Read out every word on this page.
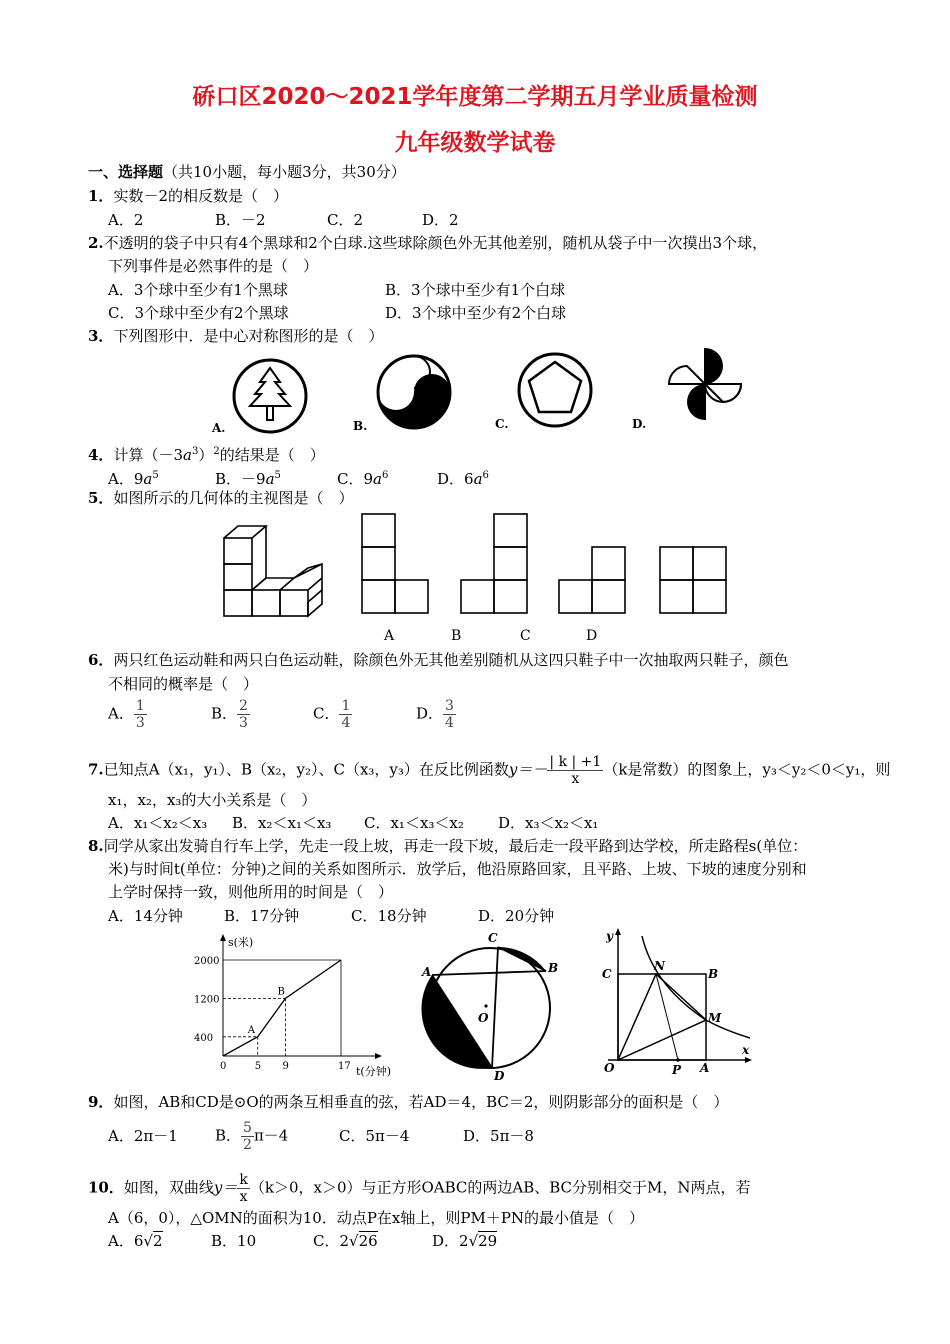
硚口区2020～2021学年度第二学期五月学业质量检测
九年级数学试卷
一、选择题（共10小题，每小题3分，共30分）
1．实数－2的相反数是（　）
A．2	B．－2	C．2	D．2
2.不透明的袋子中只有4个黑球和2个白球.这些球除颜色外无其他差别，随机从袋子中一次摸出3个球，
下列事件是必然事件的是（　）
A．3个球中至少有1个黑球	B．3个球中至少有1个白球
C．3个球中至少有2个黑球	D．3个球中至少有2个白球
3．下列图形中．是中心对称图形的是（　）
A.	B.	C.	D.
4．计算$(-3a^3)^2$的结果是（　）
A．$9a^5$	B．$-9a^5$	C．$9a^6$	D．$6a^6$
5．如图所示的几何体的主视图是（　）
A	B	C	D
6．两只红色运动鞋和两只白色运动鞋，除颜色外无其他差别随机从这四只鞋子中一次抽取两只鞋子，颜色
不相同的概率是（　）
A． $\frac{1}{3}$	B． $\frac{2}{3}$	C． $\frac{1}{4}$	D． $\frac{3}{4}$
7.已知点A（x₁，y₁）、B（x₂，y₂）、C（x₃，y₃）在反比例函数$y=- \frac{| k | +1}{x} (k$是常数）的图象上，y₃＜y₂＜0＜y₁，则
x₁，x₂，x₃的大小关系是（　）
A．x₁＜x₂＜x₃ B．x₂＜x₁＜x₃ C．x₁＜x₃＜x₂ D．x₃＜x₂＜x₁
8.同学从家出发骑自行车上学，先走一段上坡，再走一段下坡，最后走一段平路到达学校，所走路程s(单位：
米)与时间t(单位：分钟)之间的关系如图所示．放学后，他沿原路回家，且平路、上坡、下坡的速度分别和
上学时保持一致，则他所用的时间是（　）
A．14分钟	B．17分钟	C．18分钟	D．20分钟
s(米)
t(分钟)
0	5 9	17
400
1200
2000
A
B
C
A	B
O
D
y
C
N
B
M
O	P A
x
9．如图，AB和CD是⊙O的两条互相垂直的弦，若AD＝4，BC＝2，则阴影部分的面积是（　）
A．2π－1 B． $\frac{5}{2} \pi-4$	C．5π－4	D．5π－8
10．如图，双曲线$y= \frac{k}{x} (k>0$，x＞0）与正方形OABC的两边AB、BC分别相交于M，N两点，若
A（6，0），△OMN的面积为10．动点P在x轴上，则PM＋PN的最小值是（　）
A．6√2	B．10	C．2√26	D．2√29
